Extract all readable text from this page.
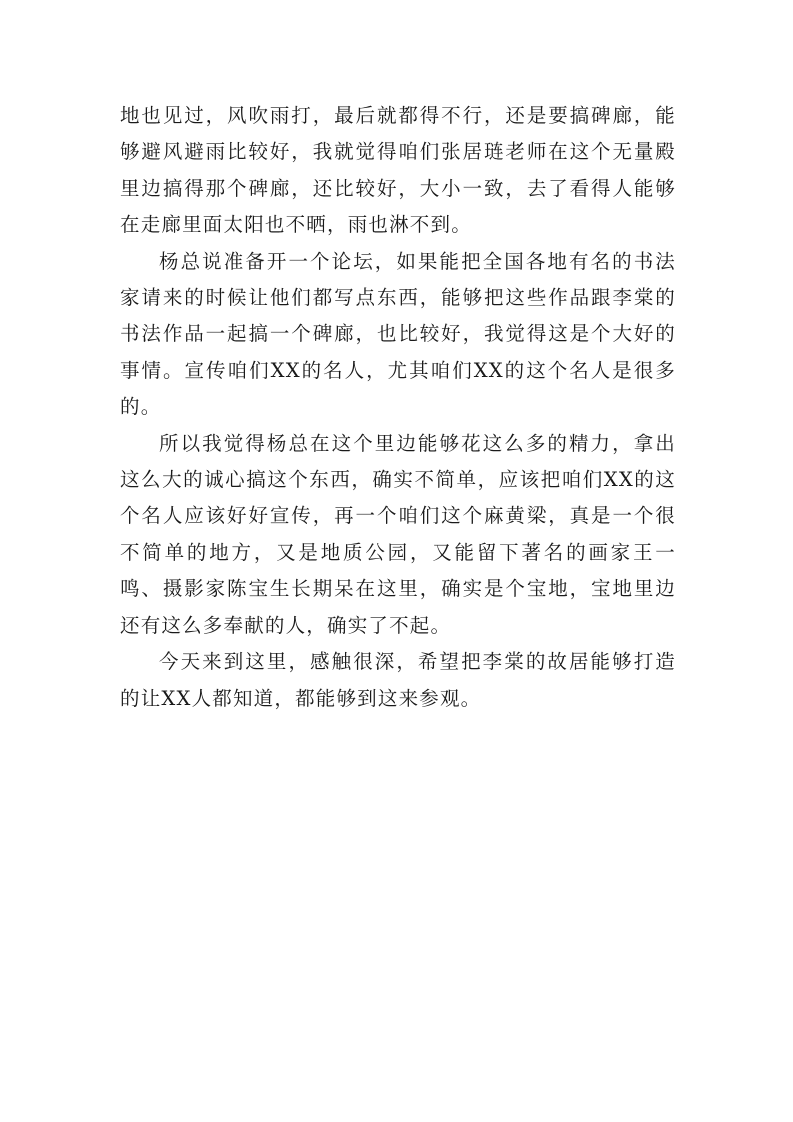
地也见过，风吹雨打，最后就都得不行，还是要搞碑廊，能够避风避雨比较好，我就觉得咱们张居琏老师在这个无量殿里边搞得那个碑廊，还比较好，大小一致，去了看得人能够在走廊里面太阳也不晒，雨也淋不到。

杨总说准备开一个论坛，如果能把全国各地有名的书法家请来的时候让他们都写点东西，能够把这些作品跟李棠的书法作品一起搞一个碑廊，也比较好，我觉得这是个大好的事情。宣传咱们XX的名人，尤其咱们XX的这个名人是很多的。

所以我觉得杨总在这个里边能够花这么多的精力，拿出这么大的诚心搞这个东西，确实不简单，应该把咱们XX的这个名人应该好好宣传，再一个咱们这个麻黄梁，真是一个很不简单的地方，又是地质公园，又能留下著名的画家王一鸣、摄影家陈宝生长期呆在这里，确实是个宝地，宝地里边还有这么多奉献的人，确实了不起。

今天来到这里，感触很深，希望把李棠的故居能够打造的让XX人都知道，都能够到这来参观。
